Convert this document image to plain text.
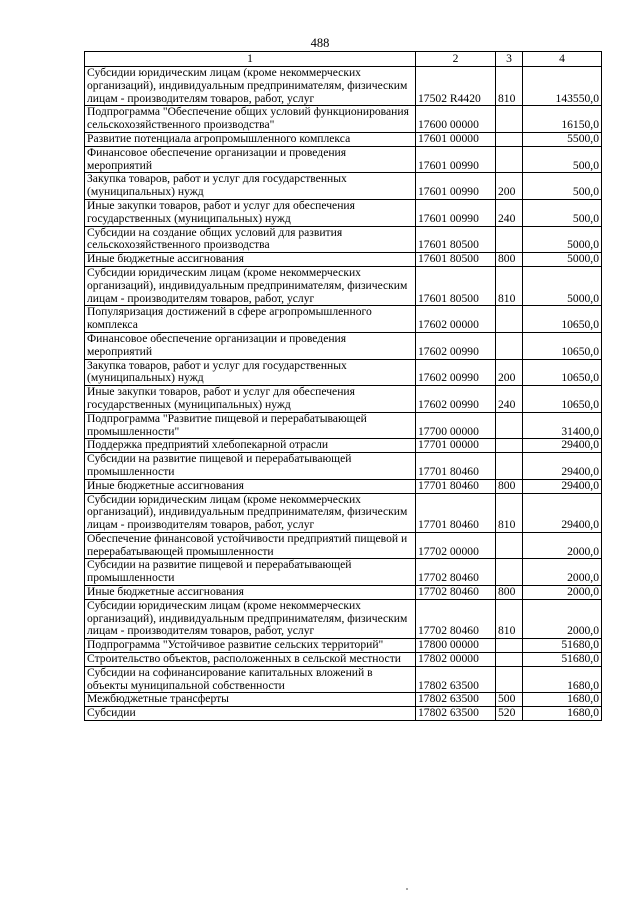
488
1	2	3	4
Субсидии юридическим лицам (кроме некоммерческих организаций), индивидуальным предпринимателям, физическим лицам - производителям товаров, работ, услуг	17502 R4420	810	143550,0
Подпрограмма "Обеспечение общих условий функционирования сельскохозяйственного производства"	17600 00000		16150,0
Развитие потенциала агропромышленного комплекса	17601 00000		5500,0
Финансовое обеспечение организации и проведения мероприятий	17601 00990		500,0
Закупка товаров, работ и услуг для государственных (муниципальных) нужд	17601 00990	200	500,0
Иные закупки товаров, работ и услуг для обеспечения государственных (муниципальных) нужд	17601 00990	240	500,0
Субсидии на создание общих условий для развития сельскохозяйственного производства	17601 80500		5000,0
Иные бюджетные ассигнования	17601 80500	800	5000,0
Субсидии юридическим лицам (кроме некоммерческих организаций), индивидуальным предпринимателям, физическим лицам - производителям товаров, работ, услуг	17601 80500	810	5000,0
Популяризация достижений в сфере агропромышленного комплекса	17602 00000		10650,0
Финансовое обеспечение организации и проведения мероприятий	17602 00990		10650,0
Закупка товаров, работ и услуг для государственных (муниципальных) нужд	17602 00990	200	10650,0
Иные закупки товаров, работ и услуг для обеспечения государственных (муниципальных) нужд	17602 00990	240	10650,0
Подпрограмма "Развитие пищевой и перерабатывающей промышленности"	17700 00000		31400,0
Поддержка предприятий хлебопекарной отрасли	17701 00000		29400,0
Субсидии на развитие пищевой и перерабатывающей промышленности	17701 80460		29400,0
Иные бюджетные ассигнования	17701 80460	800	29400,0
Субсидии юридическим лицам (кроме некоммерческих организаций), индивидуальным предпринимателям, физическим лицам - производителям товаров, работ, услуг	17701 80460	810	29400,0
Обеспечение финансовой устойчивости предприятий пищевой и перерабатывающей промышленности	17702 00000		2000,0
Субсидии на развитие пищевой и перерабатывающей промышленности	17702 80460		2000,0
Иные бюджетные ассигнования	17702 80460	800	2000,0
Субсидии юридическим лицам (кроме некоммерческих организаций), индивидуальным предпринимателям, физическим лицам - производителям товаров, работ, услуг	17702 80460	810	2000,0
Подпрограмма "Устойчивое развитие сельских территорий"	17800 00000		51680,0
Строительство объектов, расположенных в сельской местности	17802 00000		51680,0
Субсидии на софинансирование капитальных вложений в объекты муниципальной собственности	17802 63500		1680,0
Межбюджетные трансферты	17802 63500	500	1680,0
Субсидии	17802 63500	520	1680,0
